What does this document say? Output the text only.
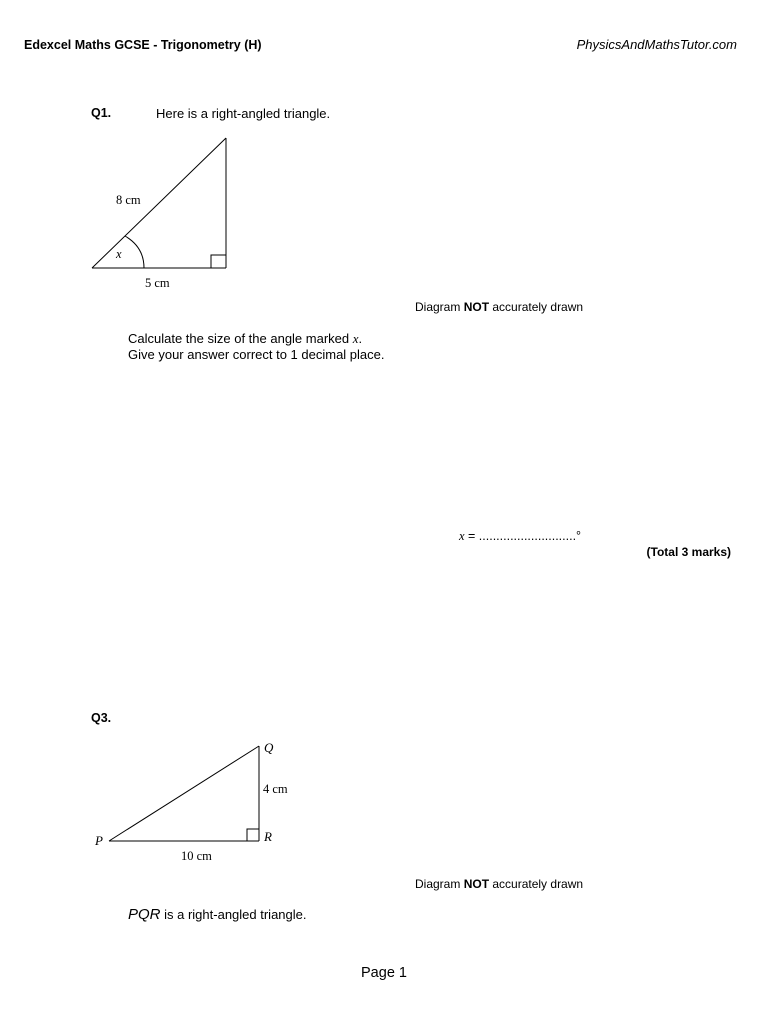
Edexcel Maths GCSE - Trigonometry (H)	PhysicsAndMathsTutor.com
Q1.	Here is a right-angled triangle.
8 cm
x
5 cm
P
Q
R
4 cm
10 cm
Diagram NOT accurately drawn
Calculate the size of the angle marked x.
Give your answer correct to 1 decimal place.
x = ............................°
(Total 3 marks)
Q3.
Diagram NOT accurately drawn
PQR is a right-angled triangle.
Page 1
